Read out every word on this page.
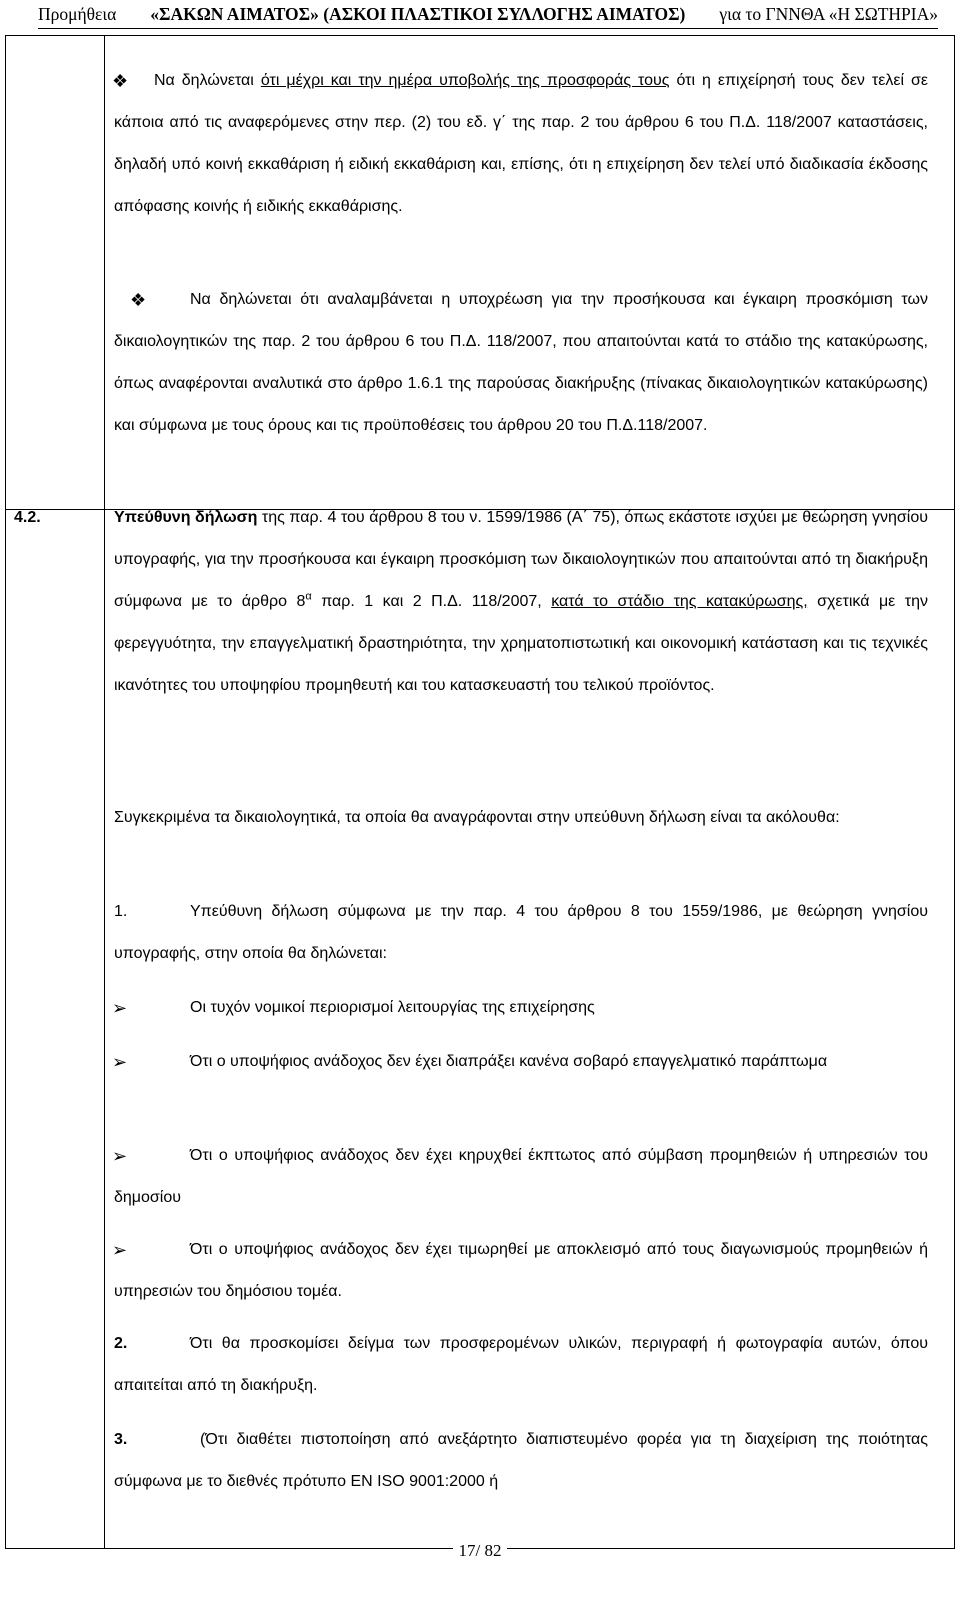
Προμήθεια «ΣΑΚΩΝ ΑΙΜΑΤΟΣ» (ΑΣΚΟΙ ΠΛΑΣΤΙΚΟΙ ΣΥΛΛΟΓΗΣ ΑΙΜΑΤΟΣ) για το ΓΝΝΘΑ «Η ΣΩΤΗΡΙΑ»

❖ Να δηλώνεται ότι μέχρι και την ημέρα υποβολής της προσφοράς τους ότι η επιχείρησή τους δεν τελεί σε κάποια από τις αναφερόμενες στην περ. (2) του εδ. γ΄ της παρ. 2 του άρθρου 6 του Π.Δ. 118/2007 καταστάσεις, δηλαδή υπό κοινή εκκαθάριση ή ειδική εκκαθάριση και, επίσης, ότι η επιχείρηση δεν τελεί υπό διαδικασία έκδοσης απόφασης κοινής ή ειδικής εκκαθάρισης.

❖	Να δηλώνεται ότι αναλαμβάνεται η υποχρέωση για την προσήκουσα και έγκαιρη προσκόμιση των δικαιολογητικών της παρ. 2 του άρθρου 6 του Π.Δ. 118/2007, που απαιτούνται κατά το στάδιο της κατακύρωσης, όπως αναφέρονται αναλυτικά στο άρθρο 1.6.1 της παρούσας διακήρυξης (πίνακας δικαιολογητικών κατακύρωσης) και σύμφωνα με τους όρους και τις προϋποθέσεις του άρθρου 20 του Π.Δ.118/2007.

4.2.	Υπεύθυνη δήλωση της παρ. 4 του άρθρου 8 του ν. 1599/1986 (Α΄ 75), όπως εκάστοτε ισχύει με θεώρηση γνησίου υπογραφής, για την προσήκουσα και έγκαιρη προσκόμιση των δικαιολογητικών που απαιτούνται από τη διακήρυξη σύμφωνα με το άρθρο $8^\alpha$ παρ. 1 και 2 Π.Δ. 118/2007, κατά το στάδιο της κατακύρωσης, σχετικά με την φερεγγυότητα, την επαγγελματική δραστηριότητα, την χρηματοπιστωτική και οικονομική κατάσταση και τις τεχνικές ικανότητες του υποψηφίου προμηθευτή και του κατασκευαστή του τελικού προϊόντος.

Συγκεκριμένα τα δικαιολογητικά, τα οποία θα αναγράφονται στην υπεύθυνη δήλωση είναι τα ακόλουθα:

1.	Υπεύθυνη δήλωση σύμφωνα με την παρ. 4 του άρθρου 8 του 1559/1986, με θεώρηση γνησίου υπογραφής, στην οποία θα δηλώνεται:

➢	Οι τυχόν νομικοί περιορισμοί λειτουργίας της επιχείρησης

➢	Ότι ο υποψήφιος ανάδοχος δεν έχει διαπράξει κανένα σοβαρό επαγγελματικό παράπτωμα

➢	Ότι ο υποψήφιος ανάδοχος δεν έχει κηρυχθεί έκπτωτος από σύμβαση προμηθειών ή υπηρεσιών του δημοσίου

➢	Ότι ο υποψήφιος ανάδοχος δεν έχει τιμωρηθεί με αποκλεισμό από τους διαγωνισμούς προμηθειών ή υπηρεσιών του δημόσιου τομέα.

2.	Ότι θα προσκομίσει δείγμα των προσφερομένων υλικών, περιγραφή ή φωτογραφία αυτών, όπου απαιτείται από τη διακήρυξη.

3.	(Ότι διαθέτει πιστοποίηση από ανεξάρτητο διαπιστευμένο φορέα για τη διαχείριση της ποιότητας σύμφωνα με το διεθνές πρότυπο EN ISO 9001:2000 ή

17/ 82
